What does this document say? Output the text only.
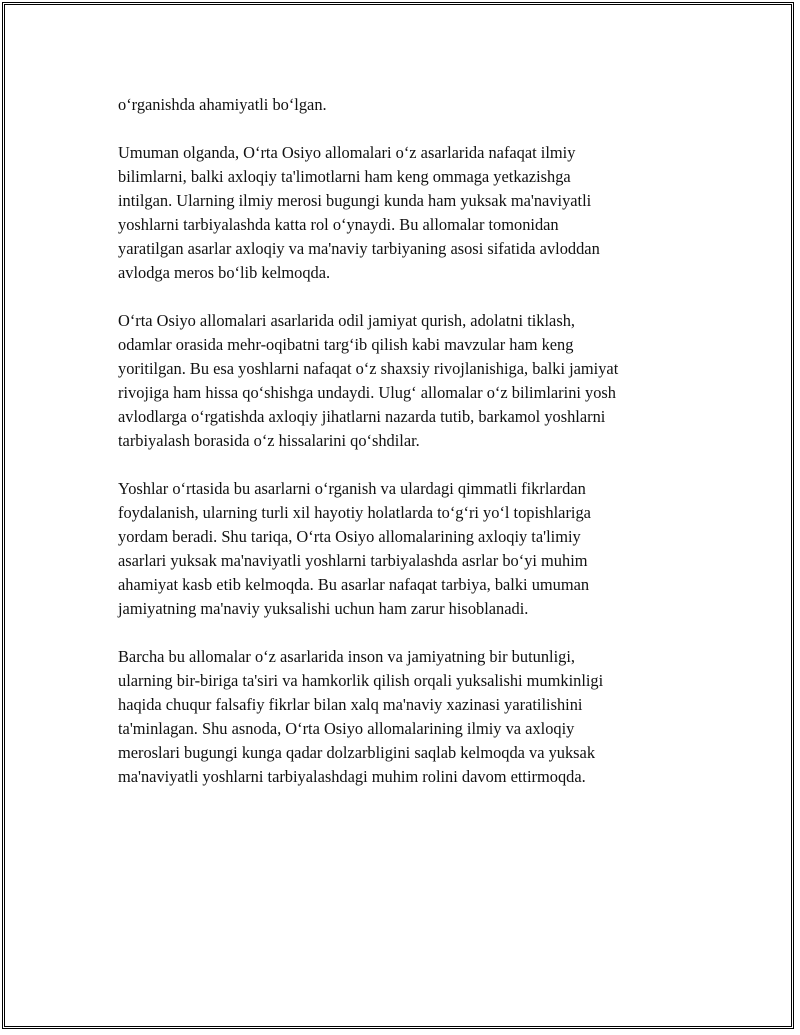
oʻrganishda ahamiyatli boʻlgan.

Umuman olganda, Oʻrta Osiyo allomalari oʻz asarlarida nafaqat ilmiy
bilimlarni, balki axloqiy ta'limotlarni ham keng ommaga yetkazishga
intilgan. Ularning ilmiy merosi bugungi kunda ham yuksak ma'naviyatli
yoshlarni tarbiyalashda katta rol oʻynaydi. Bu allomalar tomonidan
yaratilgan asarlar axloqiy va ma'naviy tarbiyaning asosi sifatida avloddan
avlodga meros boʻlib kelmoqda.

Oʻrta Osiyo allomalari asarlarida odil jamiyat qurish, adolatni tiklash,
odamlar orasida mehr-oqibatni targʻib qilish kabi mavzular ham keng
yoritilgan. Bu esa yoshlarni nafaqat oʻz shaxsiy rivojlanishiga, balki jamiyat
rivojiga ham hissa qoʻshishga undaydi. Ulugʻ allomalar oʻz bilimlarini yosh
avlodlarga oʻrgatishda axloqiy jihatlarni nazarda tutib, barkamol yoshlarni
tarbiyalash borasida oʻz hissalarini qoʻshdilar.

Yoshlar oʻrtasida bu asarlarni oʻrganish va ulardagi qimmatli fikrlardan
foydalanish, ularning turli xil hayotiy holatlarda toʻgʻri yoʻl topishlariga
yordam beradi. Shu tariqa, Oʻrta Osiyo allomalarining axloqiy ta'limiy
asarlari yuksak ma'naviyatli yoshlarni tarbiyalashda asrlar boʻyi muhim
ahamiyat kasb etib kelmoqda. Bu asarlar nafaqat tarbiya, balki umuman
jamiyatning ma'naviy yuksalishi uchun ham zarur hisoblanadi.

Barcha bu allomalar oʻz asarlarida inson va jamiyatning bir butunligi,
ularning bir-biriga ta'siri va hamkorlik qilish orqali yuksalishi mumkinligi
haqida chuqur falsafiy fikrlar bilan xalq ma'naviy xazinasi yaratilishini
ta'minlagan. Shu asnoda, Oʻrta Osiyo allomalarining ilmiy va axloqiy
meroslari bugungi kunga qadar dolzarbligini saqlab kelmoqda va yuksak
ma'naviyatli yoshlarni tarbiyalashdagi muhim rolini davom ettirmoqda.
